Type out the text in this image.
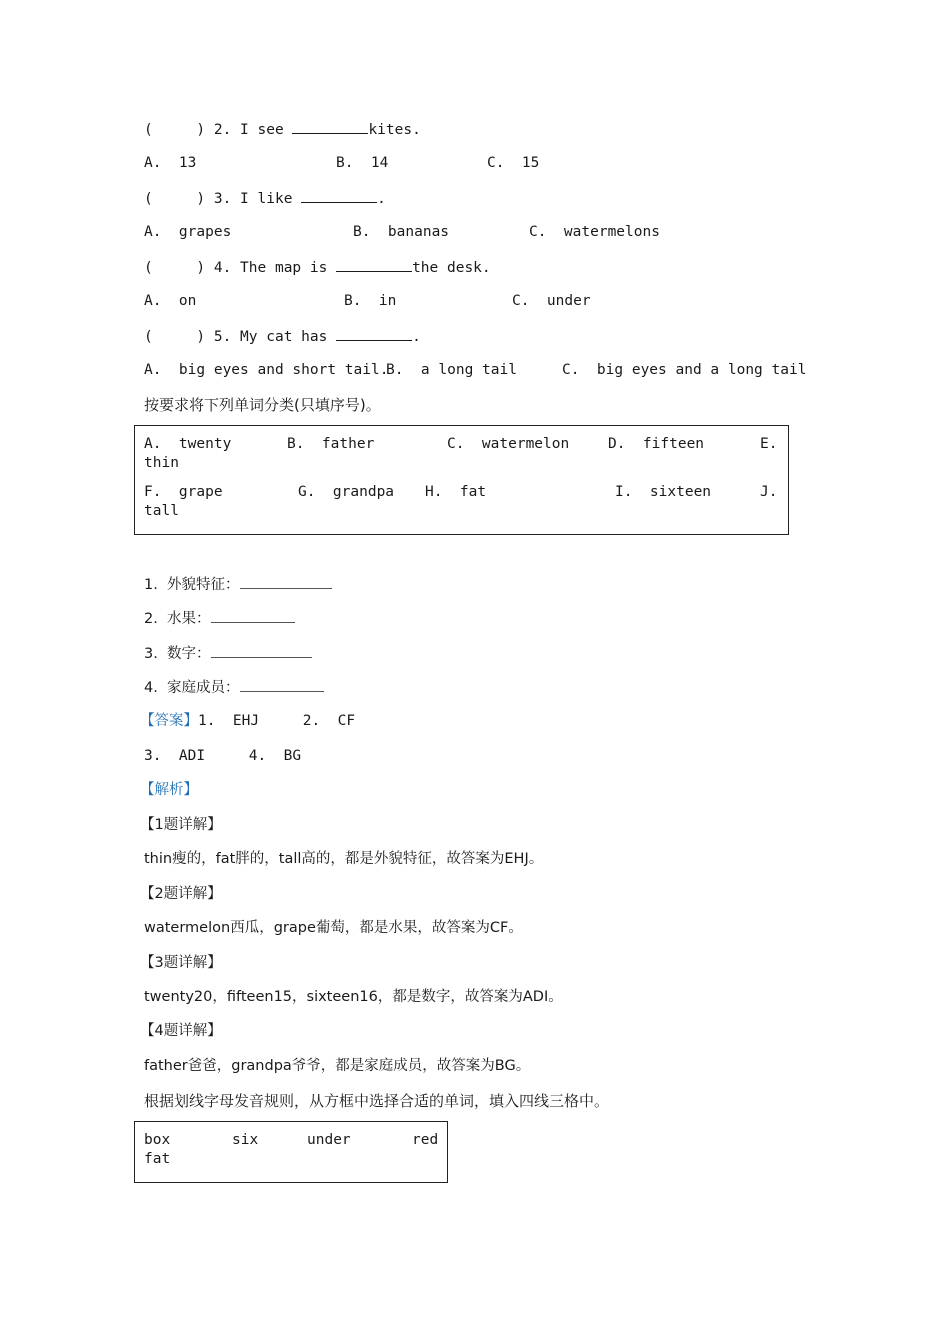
(     ) 2. I see	kites.
A.  13	B.  14	C.  15
(     ) 3. I like	.
A.  grapes	B.  bananas	C.  watermelons
(     ) 4. The map is	the desk.
A.  on	B.  in	C.  under
(     ) 5. My cat has	.
A.  big eyes and short tail.
B.  a long tail	C.  big eyes and a long tail
按要求将下列单词分类(只填序号)。
A.  twenty	B.  father	C.  watermelon	D.  fifteen	E.
thin
F.  grape	G.  grandpa H.  fat	I.  sixteen	J.
tall
1.  外貌特征：
2.  水果：
3.  数字：
4.  家庭成员：
【答案】1.  EHJ     2.  CF
3.  ADI     4.  BG
【解析】
【1题详解】
thin瘦的，fat胖的，tall高的，都是外貌特征，故答案为EHJ。
【2题详解】
watermelon西瓜，grape葡萄，都是水果，故答案为CF。
【3题详解】
twenty20，fifteen15，sixteen16，都是数字，故答案为ADI。
【4题详解】
father爸爸，grandpa爷爷，都是家庭成员，故答案为BG。
根据划线字母发音规则，从方框中选择合适的单词，填入四线三格中。
box	six	under	red
fat
